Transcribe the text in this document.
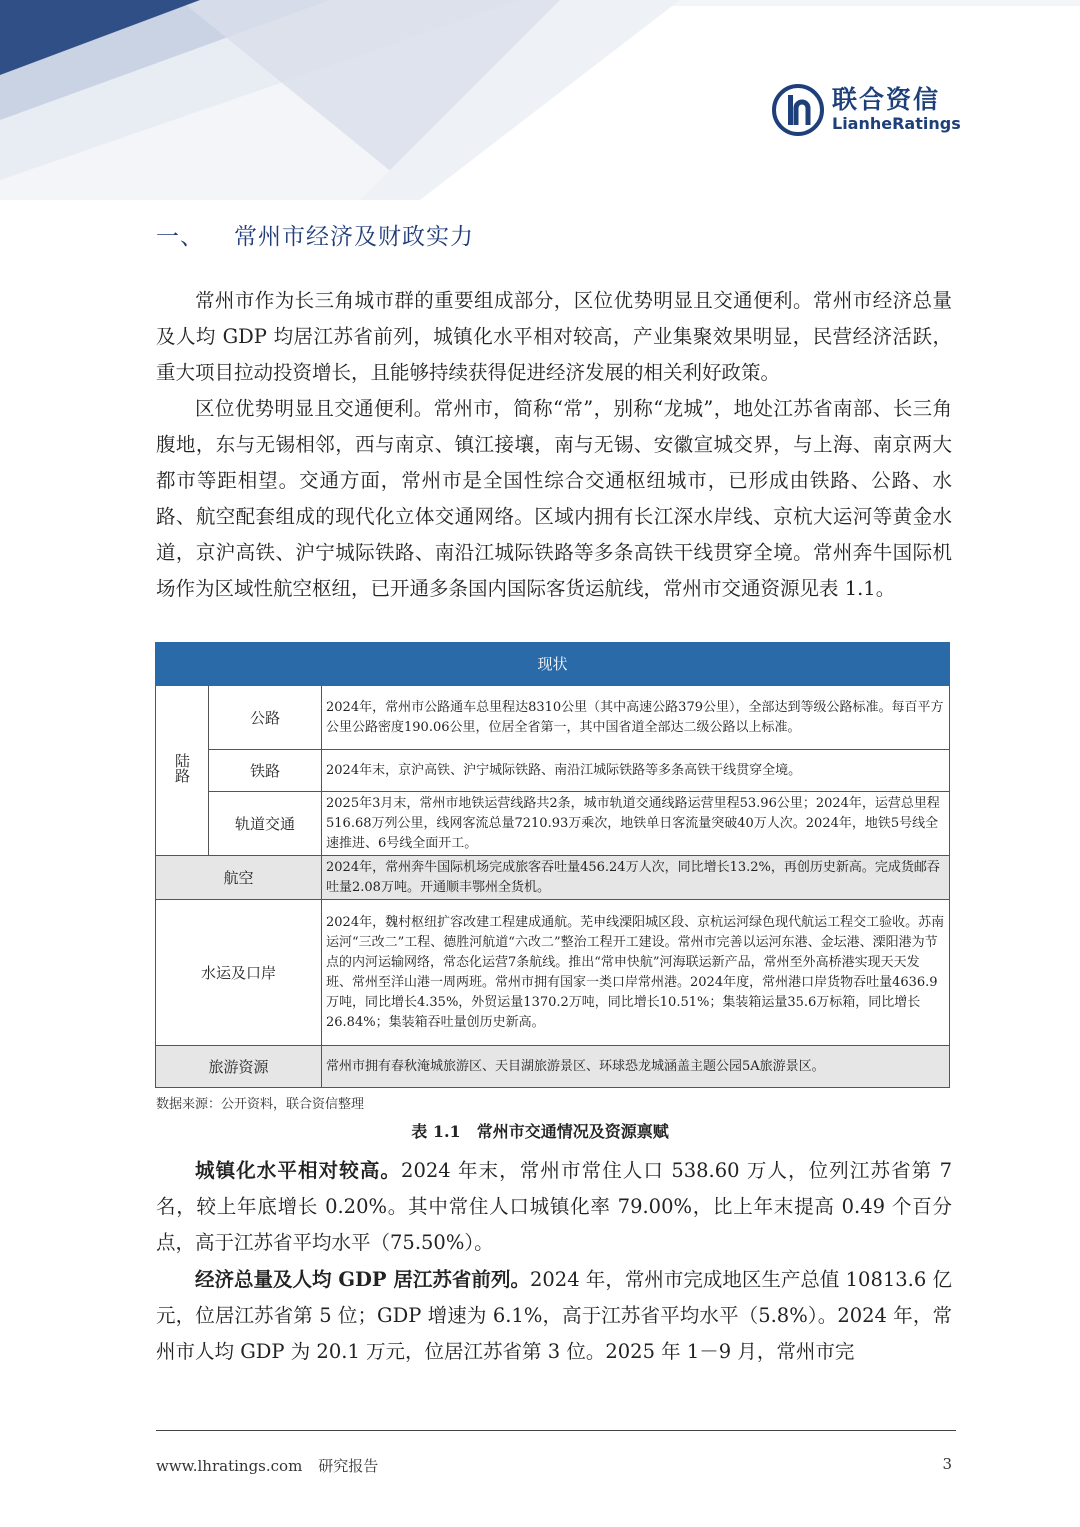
联合资信
LianheRatings
一、 常州市经济及财政实力
常州市作为长三角城市群的重要组成部分，区位优势明显且交通便利。常州市经济总量及人均 GDP 均居江苏省前列，城镇化水平相对较高，产业集聚效果明显，民营经济活跃，重大项目拉动投资增长，且能够持续获得促进经济发展的相关利好政策。
区位优势明显且交通便利。常州市，简称“常”，别称“龙城”，地处江苏省南部、长三角腹地，东与无锡相邻，西与南京、镇江接壤，南与无锡、安徽宣城交界，与上海、南京两大都市等距相望。交通方面，常州市是全国性综合交通枢纽城市，已形成由铁路、公路、水路、航空配套组成的现代化立体交通网络。区域内拥有长江深水岸线、京杭大运河等黄金水道，京沪高铁、沪宁城际铁路、南沿江城际铁路等多条高铁干线贯穿全境。常州奔牛国际机场作为区域性航空枢纽，已开通多条国内国际客货运航线，常州市交通资源见表 1.1。
现状		
陆路	公路	2024年，常州市公路通车总里程达8310公里（其中高速公路379公里），全部达到等级公路标准。每百平方公里公路密度190.06公里，位居全省第一，其中国省道全部达二级公路以上标准。
	铁路	2024年末，京沪高铁、沪宁城际铁路、南沿江城际铁路等多条高铁干线贯穿全境。
	轨道交通	2025年3月末，常州市地铁运营线路共2条，城市轨道交通线路运营里程53.96公里；2024年，运营总里程516.68万列公里，线网客流总量7210.93万乘次，地铁单日客流量突破40万人次。2024年，地铁5号线全速推进、6号线全面开工。
航空		2024年，常州奔牛国际机场完成旅客吞吐量456.24万人次，同比增长13.2%，再创历史新高。完成货邮吞吐量2.08万吨。开通顺丰鄂州全货机。
水运及口岸		2024年，魏村枢纽扩容改建工程建成通航。芜申线溧阳城区段、京杭运河绿色现代航运工程交工验收。苏南运河“三改二”工程、德胜河航道“六改二”整治工程开工建设。常州市完善以运河东港、金坛港、溧阳港为节点的内河运输网络，常态化运营7条航线。推出“常申快航”河海联运新产品，常州至外高桥港实现天天发班、常州至洋山港一周两班。常州市拥有国家一类口岸常州港。2024年度，常州港口岸货物吞吐量4636.9万吨，同比增长4.35%，外贸运量1370.2万吨，同比增长10.51%；集装箱运量35.6万标箱，同比增长26.84%；集装箱吞吐量创历史新高。
旅游资源		常州市拥有春秋淹城旅游区、天目湖旅游景区、环球恐龙城涵盖主题公园5A旅游景区。
数据来源：公开资料，联合资信整理
表 1.1 常州市交通情况及资源禀赋
城镇化水平相对较高。2024 年末，常州市常住人口 538.60 万人，位列江苏省第 7 名，较上年底增长 0.20%。其中常住人口城镇化率 79.00%，比上年末提高 0.49 个百分点，高于江苏省平均水平（75.50%）。
经济总量及人均 GDP 居江苏省前列。2024 年，常州市完成地区生产总值 10813.6 亿元，位居江苏省第 5 位；GDP 增速为 6.1%，高于江苏省平均水平（5.8%）。2024 年，常州市人均 GDP 为 20.1 万元，位居江苏省第 3 位。2025 年 1－9 月，常州市完
www.lhratings.com 研究报告	3
